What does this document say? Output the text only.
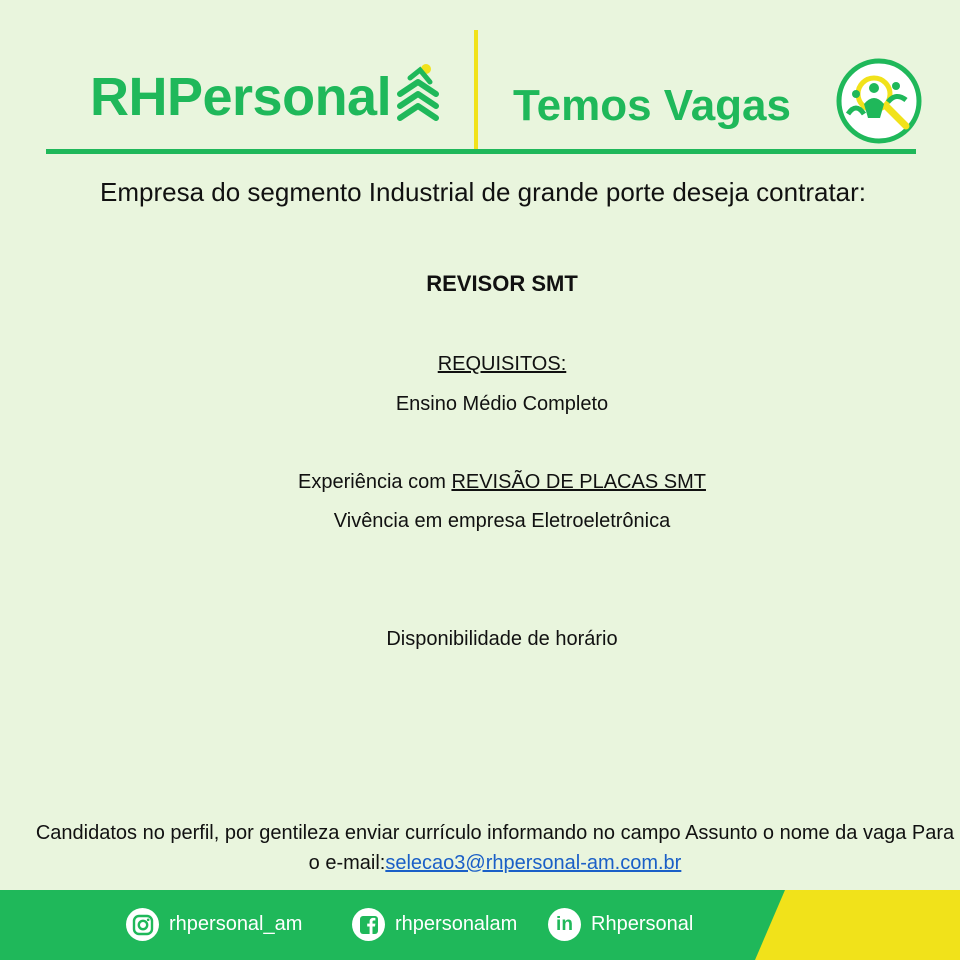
RHPersonal	Temos Vagas
Empresa do segmento Industrial de grande porte deseja contratar:
REVISOR SMT
REQUISITOS:
Ensino Médio Completo
Experiência com REVISÃO DE PLACAS SMT
Vivência em empresa Eletroeletrônica
Disponibilidade de horário
Candidatos no perfil, por gentileza enviar currículo informando no campo Assunto o nome da vaga Para o e-mail:selecao3@rhpersonal-am.com.br
rhpersonal_am	rhpersonalam	in Rhpersonal
